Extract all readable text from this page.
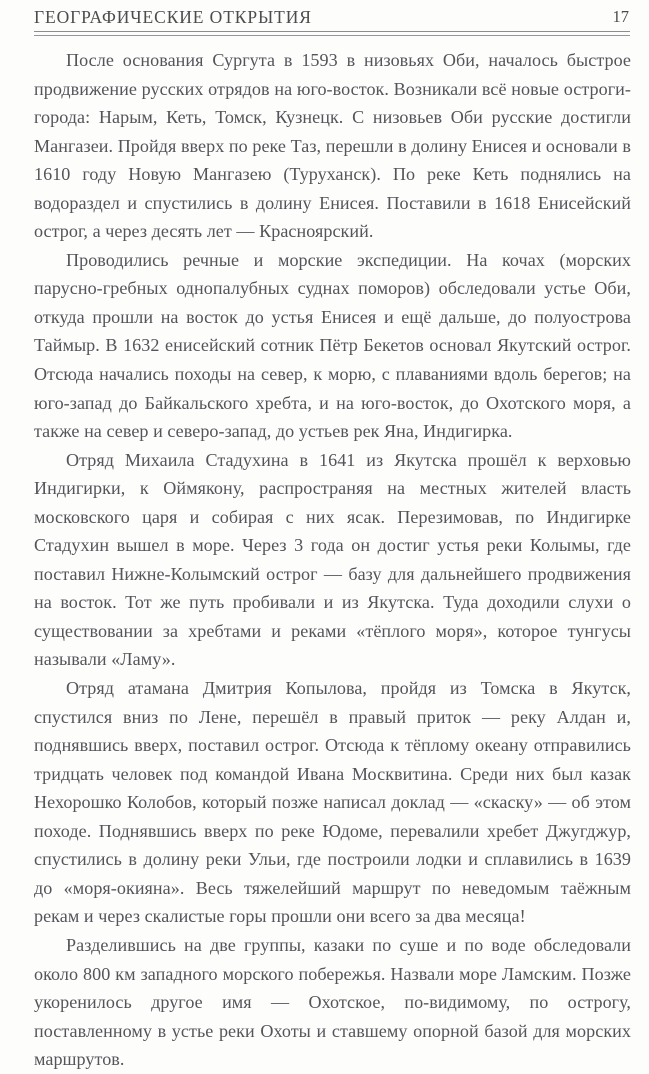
ГЕОГРАФИЧЕСКИЕ ОТКРЫТИЯ	17

После основания Сургута в 1593 в низовьях Оби, началось быстрое продвижение русских отрядов на юго-восток. Возникали всё новые остроги-города: Нарым, Кеть, Томск, Кузнецк. С низовьев Оби русские достигли Мангазеи. Пройдя вверх по реке Таз, перешли в долину Енисея и основали в 1610 году Новую Мангазею (Туруханск). По реке Кеть поднялись на водораздел и спустились в долину Енисея. Поставили в 1618 Енисейский острог, а через десять лет — Красноярский.

Проводились речные и морские экспедиции. На кочах (морских парусно-гребных однопалубных суднах поморов) обследовали устье Оби, откуда прошли на восток до устья Енисея и ещё дальше, до полуострова Таймыр. В 1632 енисейский сотник Пётр Бекетов основал Якутский острог. Отсюда начались походы на север, к морю, с плаваниями вдоль берегов; на юго-запад до Байкальского хребта, и на юго-восток, до Охотского моря, а также на север и северо-запад, до устьев рек Яна, Индигирка.

Отряд Михаила Стадухина в 1641 из Якутска прошёл к верховью Индигирки, к Оймякону, распространяя на местных жителей власть московского царя и собирая с них ясак. Перезимовав, по Индигирке Стадухин вышел в море. Через 3 года он достиг устья реки Колымы, где поставил Нижне-Колымский острог — базу для дальнейшего продвижения на восток. Тот же путь пробивали и из Якутска. Туда доходили слухи о существовании за хребтами и реками «тёплого моря», которое тунгусы называли «Ламу».

Отряд атамана Дмитрия Копылова, пройдя из Томска в Якутск, спустился вниз по Лене, перешёл в правый приток — реку Алдан и, поднявшись вверх, поставил острог. Отсюда к тёплому океану отправились тридцать человек под командой Ивана Москвитина. Среди них был казак Нехорошко Колобов, который позже написал доклад — «скаску» — об этом походе. Поднявшись вверх по реке Юдоме, перевалили хребет Джугджур, спустились в долину реки Ульи, где построили лодки и сплавились в 1639 до «моря-окияна». Весь тяжелейший маршрут по неведомым таёжным рекам и через скалистые горы прошли они всего за два месяца!

Разделившись на две группы, казаки по суше и по воде обследовали около 800 км западного морского побережья. Назвали море Ламским. Позже укоренилось другое имя — Охотское, по-видимому, по острогу, поставленному в устье реки Охоты и ставшему опорной базой для морских маршрутов.
